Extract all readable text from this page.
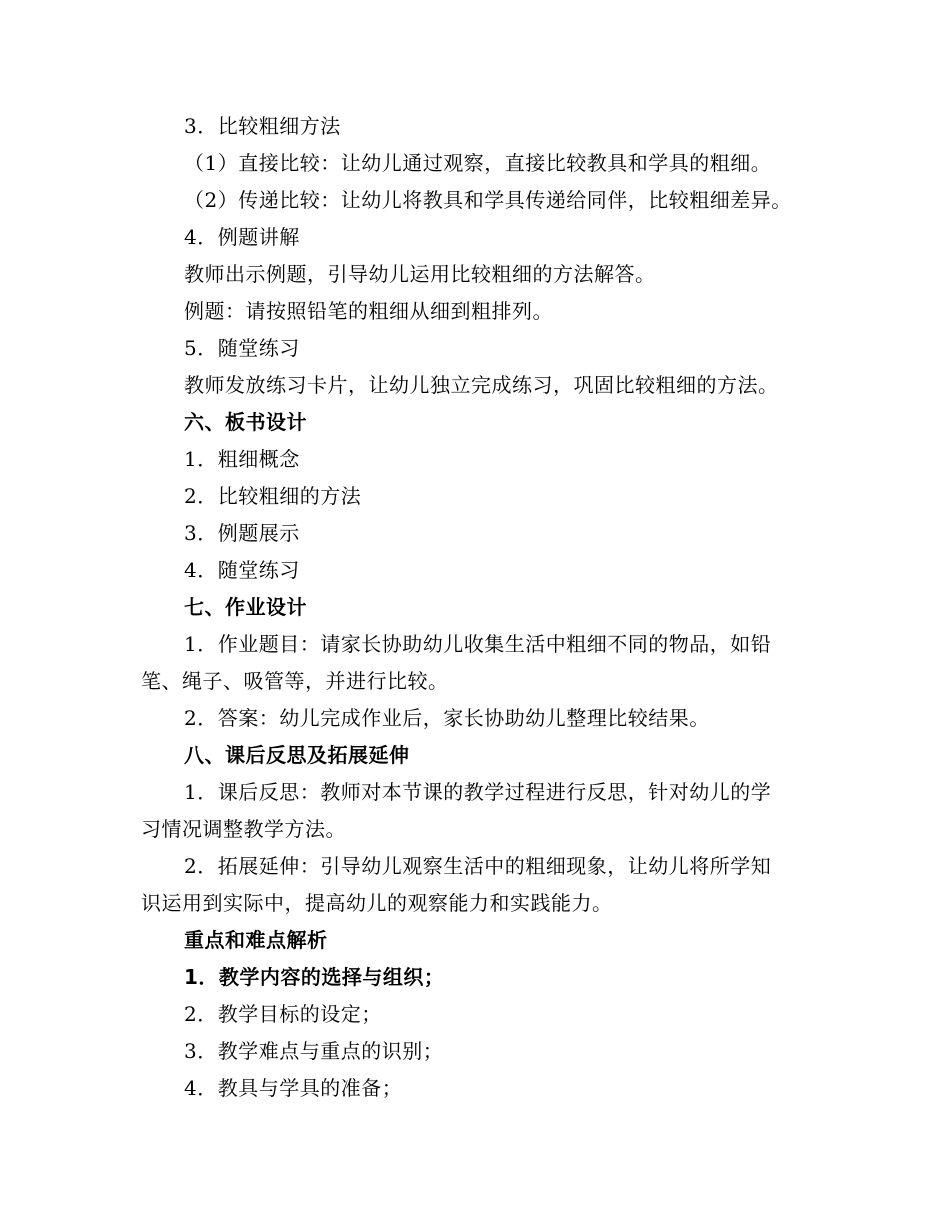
3．比较粗细方法
（1）直接比较：让幼儿通过观察，直接比较教具和学具的粗细。
（2）传递比较：让幼儿将教具和学具传递给同伴，比较粗细差异。
4．例题讲解
教师出示例题，引导幼儿运用比较粗细的方法解答。
例题：请按照铅笔的粗细从细到粗排列。
5．随堂练习
教师发放练习卡片，让幼儿独立完成练习，巩固比较粗细的方法。
六、板书设计
1．粗细概念
2．比较粗细的方法
3．例题展示
4．随堂练习
七、作业设计
1．作业题目：请家长协助幼儿收集生活中粗细不同的物品，如铅
笔、绳子、吸管等，并进行比较。
2．答案：幼儿完成作业后，家长协助幼儿整理比较结果。
八、课后反思及拓展延伸
1．课后反思：教师对本节课的教学过程进行反思，针对幼儿的学
习情况调整教学方法。
2．拓展延伸：引导幼儿观察生活中的粗细现象，让幼儿将所学知
识运用到实际中，提高幼儿的观察能力和实践能力。
重点和难点解析
1．教学内容的选择与组织；
2．教学目标的设定；
3．教学难点与重点的识别；
4．教具与学具的准备；
